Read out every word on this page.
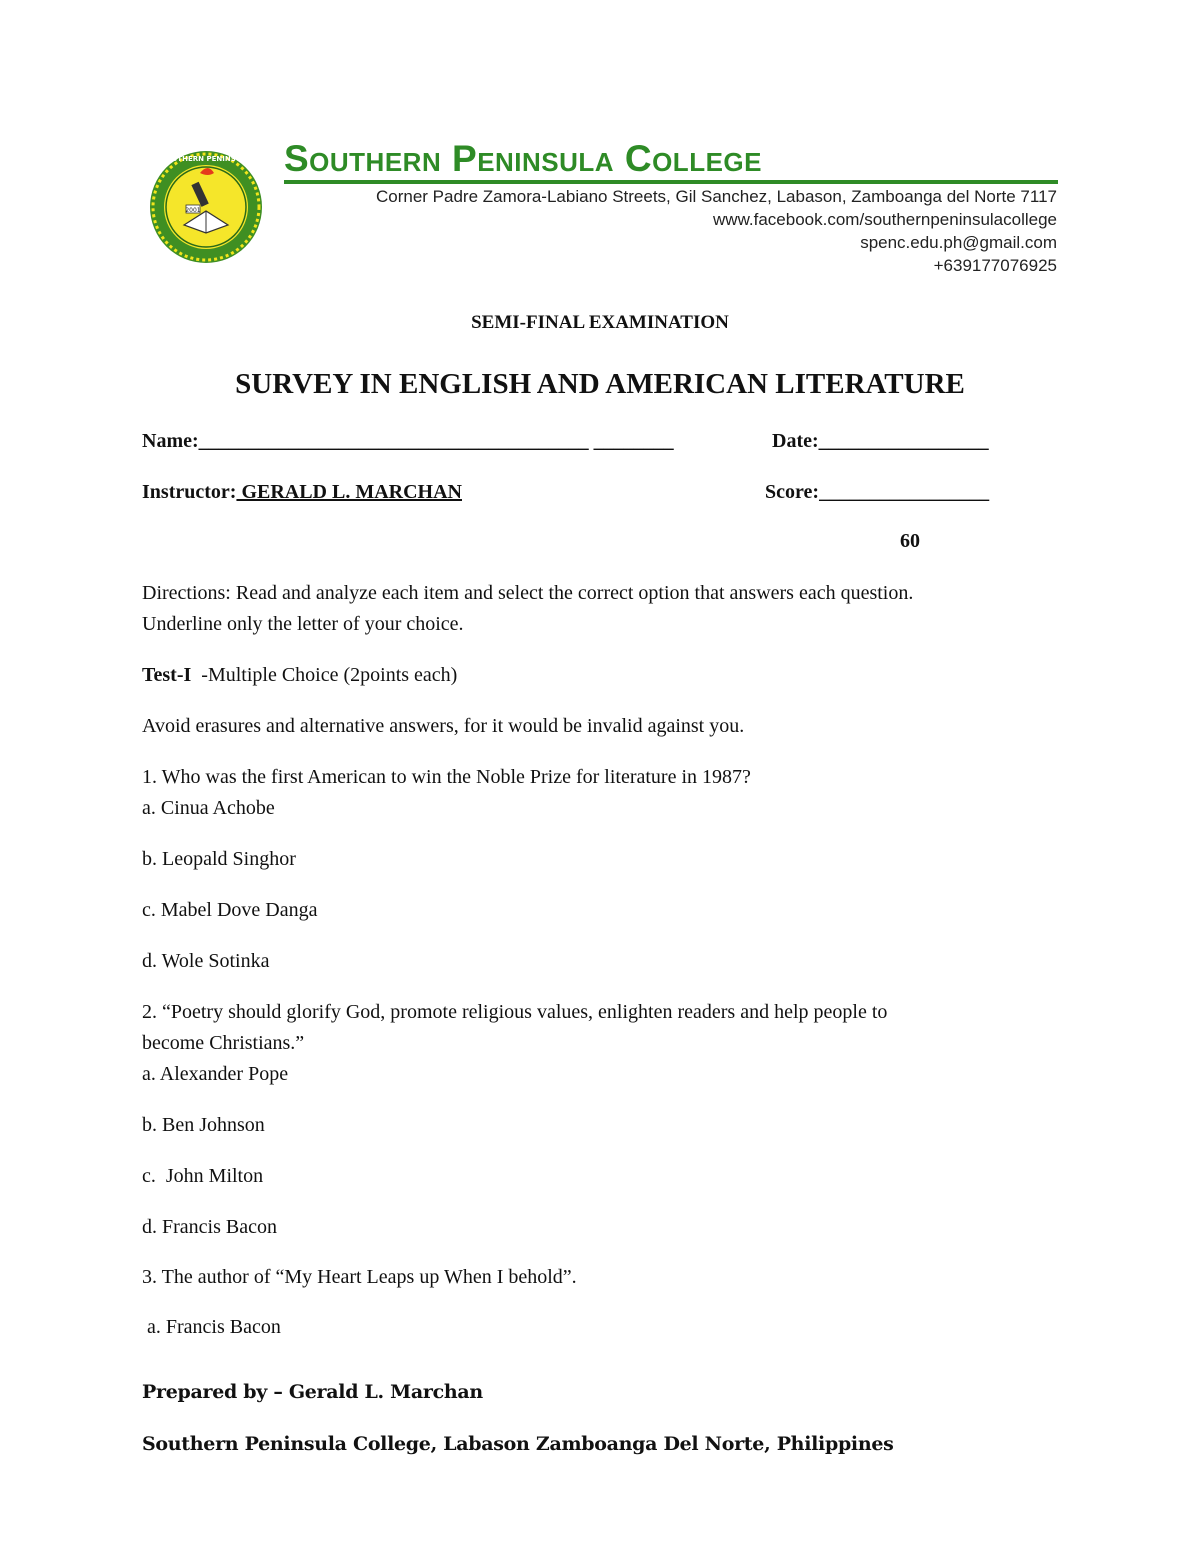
2001
SOUTHERN PENINSULA Southern Peninsula College
Corner Padre Zamora-Labiano Streets, Gil Sanchez, Labason, Zamboanga del Norte 7117
www.facebook.com/southernpeninsulacollege
spenc.edu.ph@gmail.com
+639177076925
SEMI-FINAL EXAMINATION
SURVEY IN ENGLISH AND AMERICAN LITERATURE
Name:_______________________________________ ________	Date:_________________
Instructor: GERALD L. MARCHAN	Score:_________________
60
Directions: Read and analyze each item and select the correct option that answers each question.
Underline only the letter of your choice.
Test-I  -Multiple Choice (2points each)
Avoid erasures and alternative answers, for it would be invalid against you.
1. Who was the first American to win the Noble Prize for literature in 1987?
a. Cinua Achobe
b. Leopald Singhor
c. Mabel Dove Danga
d. Wole Sotinka
2. “Poetry should glorify God, promote religious values, enlighten readers and help people to
become Christians.”
a. Alexander Pope
b. Ben Johnson
c.  John Milton
d. Francis Bacon
3. The author of “My Heart Leaps up When I behold”.
a. Francis Bacon
Prepared by – Gerald L. Marchan
Southern Peninsula College, Labason Zamboanga Del Norte, Philippines
